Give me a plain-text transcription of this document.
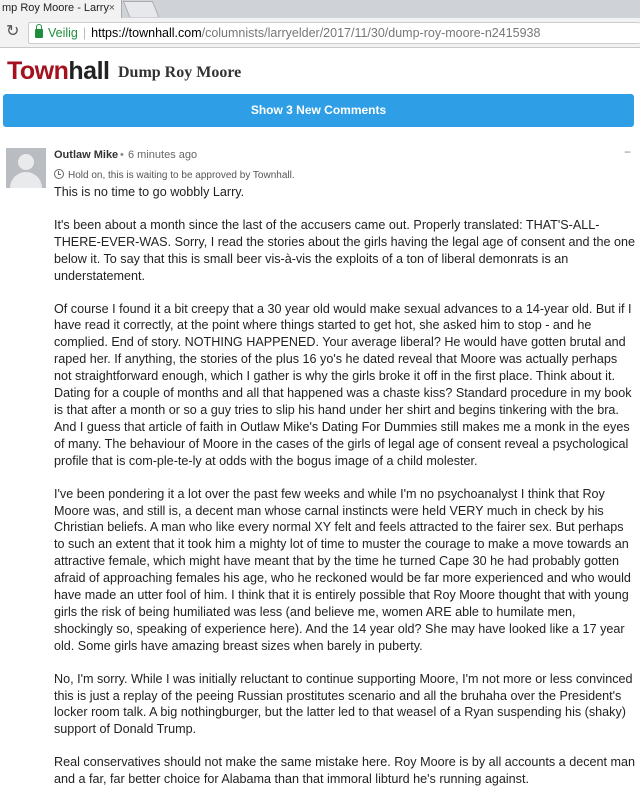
mp Roy Moore - Larry ×
↻	Veilig | https://townhall.com/columnists/larryelder/2017/11/30/dump-roy-moore-n2415938
Townhall Dump Roy Moore
Show 3 New Comments
Outlaw Mike • 6 minutes ago	−
Hold on, this is waiting to be approved by Townhall.

This is no time to go wobbly Larry.

It's been about a month since the last of the accusers came out. Properly translated: THAT'S-ALL-THERE-EVER-WAS. Sorry, I read the stories about the girls having the legal age of consent and the one below it. To say that this is small beer vis-à-vis the exploits of a ton of liberal demonrats is an understatement.

Of course I found it a bit creepy that a 30 year old would make sexual advances to a 14-year old. But if I have read it correctly, at the point where things started to get hot, she asked him to stop - and he complied. End of story. NOTHING HAPPENED. Your average liberal? He would have gotten brutal and raped her. If anything, the stories of the plus 16 yo's he dated reveal that Moore was actually perhaps not straightforward enough, which I gather is why the girls broke it off in the first place. Think about it. Dating for a couple of months and all that happened was a chaste kiss? Standard procedure in my book is that after a month or so a guy tries to slip his hand under her shirt and begins tinkering with the bra. And I guess that article of faith in Outlaw Mike's Dating For Dummies still makes me a monk in the eyes of many. The behaviour of Moore in the cases of the girls of legal age of consent reveal a psychological profile that is com-ple-te-ly at odds with the bogus image of a child molester.

I've been pondering it a lot over the past few weeks and while I'm no psychoanalyst I think that Roy Moore was, and still is, a decent man whose carnal instincts were held VERY much in check by his Christian beliefs. A man who like every normal XY felt and feels attracted to the fairer sex. But perhaps to such an extent that it took him a mighty lot of time to muster the courage to make a move towards an attractive female, which might have meant that by the time he turned Cape 30 he had probably gotten afraid of approaching females his age, who he reckoned would be far more experienced and who would have made an utter fool of him. I think that it is entirely possible that Roy Moore thought that with young girls the risk of being humiliated was less (and believe me, women ARE able to humilate men, shockingly so, speaking of experience here). And the 14 year old? She may have looked like a 17 year old. Some girls have amazing breast sizes when barely in puberty.

No, I'm sorry. While I was initially reluctant to continue supporting Moore, I'm not more or less convinced this is just a replay of the peeing Russian prostitutes scenario and all the bruhaha over the President's locker room talk. A big nothingburger, but the latter led to that weasel of a Ryan suspending his (shaky) support of Donald Trump.

Real conservatives should not make the same mistake here. Roy Moore is by all accounts a decent man and a far, far better choice for Alabama than that immoral libturd he's running against.
